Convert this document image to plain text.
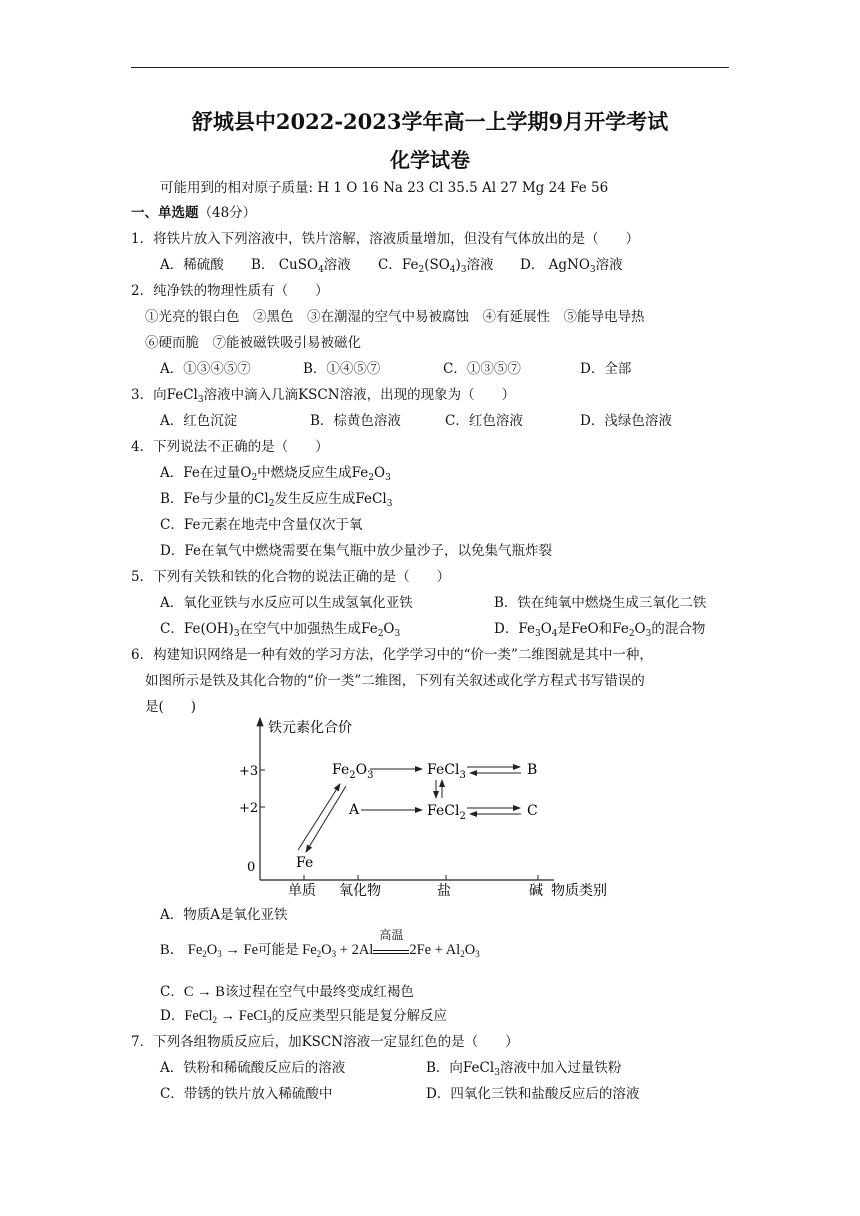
舒城县中2022-2023学年高一上学期9月开学考试
化学试卷
可能用到的相对原子质量: H 1 O 16 Na 23 Cl 35.5 Al 27 Mg 24 Fe 56
一、单选题（48分）
1．将铁片放入下列溶液中，铁片溶解，溶液质量增加，但没有气体放出的是（　　）
A．稀硫酸 B． CuSO$_4$溶液 C．$Fe_2(SO_4)_3$溶液 D． AgNO$_3$溶液
2．纯净铁的物理性质有（　　）
①光亮的银白色　②黑色　③在潮湿的空气中易被腐蚀　④有延展性　⑤能导电导热
⑥硬而脆　⑦能被磁铁吸引易被磁化
A．①③④⑤⑦	B．①④⑤⑦	C．①③⑤⑦	D．全部
3．向FeCl$_3$溶液中滴入几滴KSCN溶液，出现的现象为（　　）
A．红色沉淀	B．棕黄色溶液	C．红色溶液	D．浅绿色溶液
4．下列说法不正确的是（　　）
A．Fe在过量$O_2$中燃烧反应生成$Fe_2O_3$
B．Fe与少量的$Cl_2$发生反应生成FeCl$_3$
C．Fe元素在地壳中含量仅次于氧
D．Fe在氧气中燃烧需要在集气瓶中放少量沙子，以免集气瓶炸裂
5．下列有关铁和铁的化合物的说法正确的是（　　）
A．氧化亚铁与水反应可以生成氢氧化亚铁	B．铁在纯氧中燃烧生成三氧化二铁
C．$Fe(OH)_3$在空气中加强热生成$Fe_2O_3$	D．$Fe_3O_4$是FeO和$Fe_2O_3$的混合物
6．构建知识网络是一种有效的学习方法，化学学习中的“价一类”二维图就是其中一种，
如图所示是铁及其化合物的“价一类”二维图，下列有关叙述或化学方程式书写错误的
是(　　)
铁元素化合价
+3
+2
0
单质 氧化物	盐	碱 物质类别
Fe
$Fe_2O_3$	FeCl$_3$
FeCl$_2$
A
B
C
A．物质A是氧化亚铁
B． $Fe_2O_3 \to Fe$可能是 $Fe_2O_3 + 2Al$
高温
$2Fe + Al_2O_3$
C．C → B该过程在空气中最终变成红褐色
D．FeCl$_2$ → FeCl$_3$的反应类型只能是复分解反应
7．下列各组物质反应后，加KSCN溶液一定显红色的是（　　）
A．铁粉和稀硫酸反应后的溶液	B．向FeCl$_3$溶液中加入过量铁粉
C．带锈的铁片放入稀硫酸中	D．四氧化三铁和盐酸反应后的溶液
